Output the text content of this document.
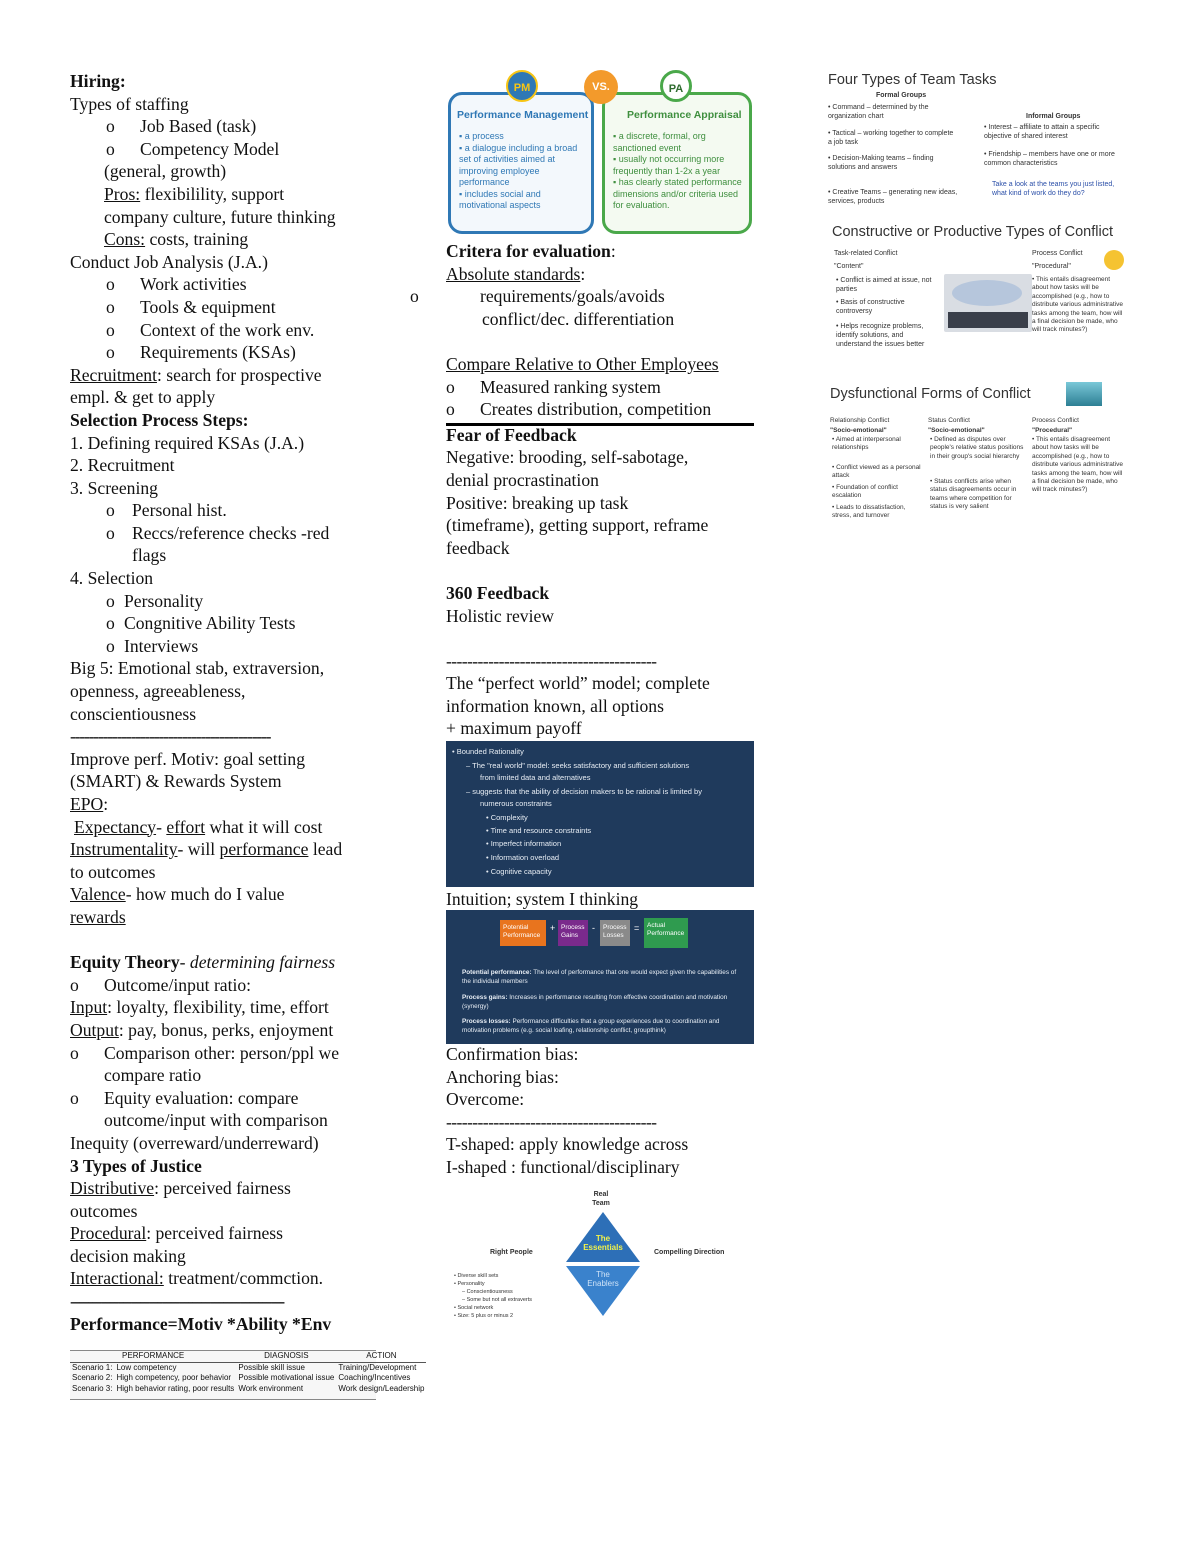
Hiring:
Types of staffing
o Job Based (task)
o Competency Model
(general, growth)
Pros: flexibilility, support
company culture, future thinking
Cons: costs, training
Conduct Job Analysis (J.A.)
o Work activities
o Tools & equipment
o Context of the work env.
o Requirements (KSAs)
Recruitment: search for prospective
empl. & get to apply
Selection Process Steps:
1. Defining required KSAs (J.A.)
2. Recruitment
3. Screening
o Personal hist.
o Reccs/reference checks -red
flags
4. Selection
o Personality
o Congnitive Ability Tests
o Interviews
Big 5: Emotional stab, extraversion,
openness, agreeableness,
conscientiousness
-------------------------------------------
Improve perf. Motiv: goal setting
(SMART) & Rewards System
EPO:
Expectancy- effort what it will cost
Instrumentality- will performance lead
to outcomes
Valence- how much do I value
rewards
Equity Theory- determining fairness
o Outcome/input ratio:
Input: loyalty, flexibility, time, effort
Output: pay, bonus, perks, enjoyment
o Comparison other: person/ppl we
compare ratio
o Equity evaluation: compare
outcome/input with comparison
Inequity (overreward/underreward)
3 Types of Justice
Distributive: perceived fairness
outcomes
Procedural: perceived fairness
decision making
Interactional: treatment/commction.
-------------------------------------------------
Performance=Motiv *Ability *Env
PERFORMANCE		DIAGNOSIS	ACTION
Scenario 1:	Low competency	Possible skill issue	Training/Development
Scenario 2:	High competency, poor behavior	Possible motivational issue	Coaching/Incentives
Scenario 3:	High behavior rating, poor results	Work environment	Work design/Leadership
Performance Management
▪ a process
▪ a dialogue including a broad set of activities aimed at improving employee performance
▪ includes social and motivational aspects
Performance Appraisal
▪ a discrete, formal, org sanctioned event
▪ usually not occurring more frequently than 1-2x a year
▪ has clearly stated performance dimensions and/or criteria used for evaluation.
PM	VS.	PA
Critera for evaluation:
Absolute standards:
o	requirements/goals/avoids conflict/dec. differentiation
Compare Relative to Other Employees
o Measured ranking system
o Creates distribution, competition
Fear of Feedback
Negative: brooding, self-sabotage,
denial procrastination
Positive: breaking up task
(timeframe), getting support, reframe
feedback
360 Feedback
Holistic review
----------------------------------------
The “perfect world” model; complete
information known, all options
+ maximum payoff
• Bounded Rationality
– The "real world" model: seeks satisfactory and sufficient solutions
from limited data and alternatives
– suggests that the ability of decision makers to be rational is limited by
numerous constraints
• Complexity
• Time and resource constraints
• Imperfect information
• Information overload
• Cognitive capacity
Intuition; system I thinking
Potential Performance
+ Process Gains
-	Process Losses
=	Actual Performance
Potential performance: The level of performance that one would expect given the capabilities of the individual members
Process gains: Increases in performance resulting from effective coordination and motivation (synergy)
Process losses: Performance difficulties that a group experiences due to coordination and motivation problems (e.g. social loafing, relationship conflict, groupthink)
Confirmation bias:
Anchoring bias:
Overcome:
----------------------------------------
T-shaped: apply knowledge across
I-shaped : functional/disciplinary
Real Team
Right People	Compelling Direction
The Essentials
The Enablers
• Diverse skill sets
• Personality
– Conscientiousness
– Some but not all extraverts
• Social network
• Size: 5 plus or minus 2
Four Types of Team Tasks
Formal Groups
Informal Groups
• Command – determined by the organization chart
• Tactical – working together to complete a job task
• Decision-Making teams – finding solutions and answers
• Creative Teams – generating new ideas, services, products
• Interest – affiliate to attain a specific objective of shared interest
• Friendship – members have one or more common characteristics
Take a look at the teams you just listed, what kind of work do they do?
Constructive or Productive Types of Conflict
Task-related Conflict
"Content"
• Conflict is aimed at issue, not parties
• Basis of constructive controversy
• Helps recognize problems, identify solutions, and understand the issues better
Process Conflict
"Procedural"
• This entails disagreement about how tasks will be accomplished (e.g., how to distribute various administrative tasks among the team, how will a final decision be made, who will track minutes?)
Dysfunctional Forms of Conflict
Relationship Conflict
"Socio-emotional"
• Aimed at interpersonal relationships
• Conflict viewed as a personal attack
• Foundation of conflict escalation
• Leads to dissatisfaction, stress, and turnover
Status Conflict
"Socio-emotional"
• Defined as disputes over people's relative status positions in their group's social hierarchy
• Status conflicts arise when status disagreements occur in teams where competition for status is very salient
Process Conflict
"Procedural"
• This entails disagreement about how tasks will be accomplished (e.g., how to distribute various administrative tasks among the team, how will a final decision be made, who will track minutes?)
